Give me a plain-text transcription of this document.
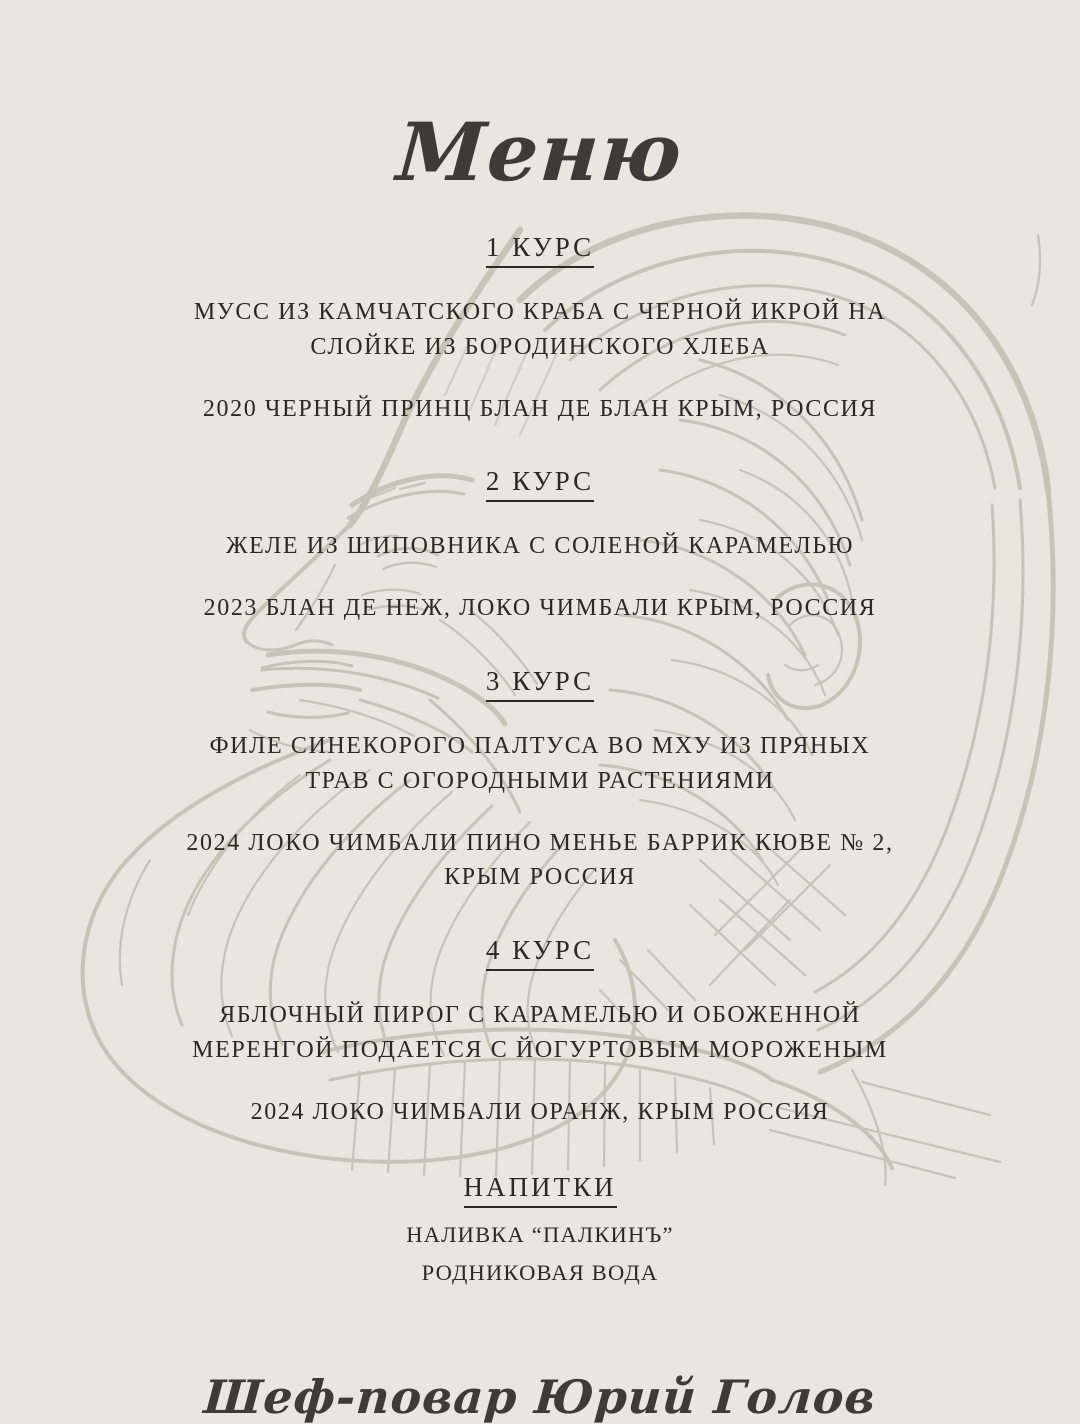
Меню
1 КУРС

МУСС ИЗ КАМЧАТСКОГО КРАБА С ЧЕРНОЙ ИКРОЙ НА СЛОЙКЕ ИЗ БОРОДИНСКОГО ХЛЕБА

2020 ЧЕРНЫЙ ПРИНЦ БЛАН ДЕ БЛАН КРЫМ, РОССИЯ

2 КУРС

ЖЕЛЕ ИЗ ШИПОВНИКА С СОЛЕНОЙ КАРАМЕЛЬЮ

2023 БЛАН ДЕ НЕЖ, ЛОКО ЧИМБАЛИ КРЫМ, РОССИЯ

3 КУРС

ФИЛЕ СИНЕКОРОГО ПАЛТУСА ВО МХУ ИЗ ПРЯНЫХ ТРАВ С ОГОРОДНЫМИ РАСТЕНИЯМИ

2024 ЛОКО ЧИМБАЛИ ПИНО МЕНЬЕ БАРРИК КЮВЕ № 2, КРЫМ РОССИЯ

4 КУРС

ЯБЛОЧНЫЙ ПИРОГ С КАРАМЕЛЬЮ И ОБОЖЕННОЙ МЕРЕНГОЙ ПОДАЕТСЯ С ЙОГУРТОВЫМ МОРОЖЕНЫМ

2024 ЛОКО ЧИМБАЛИ ОРАНЖ, КРЫМ РОССИЯ

НАПИТКИ

НАЛИВКА “ПАЛКИНЪ”

РОДНИКОВАЯ ВОДА

Шеф-повар Юрий Голов
